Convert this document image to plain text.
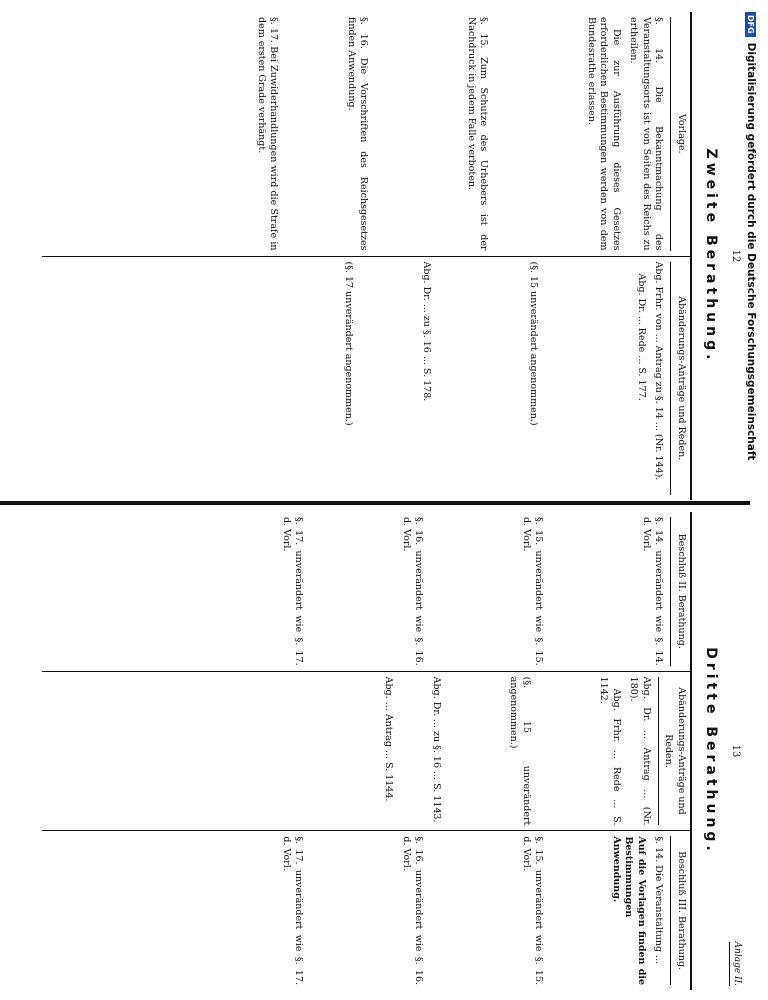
12
Zweite Berathung.
Vorlage.

§. 14. Die Bekanntmachung des Veranstaltungsorts ist von Seiten des Reichs zu ertheilen.

Die zur Ausführung dieses Gesetzes erforderlichen Bestimmungen werden von dem Bundesrathe erlassen.

§. 15. Zum Schutze des Urhebers ist der Nachdruck in jedem Falle verboten.

§. 16. Die Vorschriften des Reichsgesetzes finden Anwendung.

§. 17. Bei Zuwiderhandlungen wird die Strafe in dem ersten Grade verhängt.

Abänderungs-Anträge und Reden.

Abg. Frhr. von ... Antrag zu §. 14 ... (Nr. 144).

Abg. Dr. ... Rede ... S. 177.

(§. 15 unverändert angenommen.)

Abg. Dr. ... zu §. 16 ... S. 178.

(§. 17 unverändert angenommen.)

13
Anlage II.
Dritte Berathung.
Beschluß II. Berathung.

§. 14. unverändert wie §. 14. d. Vorl.

§. 15. unverändert wie §. 15. d. Vorl.

§. 16. unverändert wie §. 16. d. Vorl.

§. 17. unverändert wie §. 17. d. Vorl.

Abänderungs-Anträge und Reden.

Abg. Dr. ... Antrag ... (Nr. 180).

Abg. Frhr. ... Rede ... S. 1142.

(§. 15 unverändert angenommen.)

Abg. Dr. ... zu §. 16 ... S. 1143.

Abg. ... Antrag ... S. 1144.

Beschluß III. Berathung.

§. 14. Die Veranstaltung ...

Auf die Vorlagen finden die Bestimmungen Anwendung.

§. 15. unverändert wie §. 15. d. Vorl.

§. 16. unverändert wie §. 16. d. Vorl.

§. 17. unverändert wie §. 17. d. Vorl.

DFGDigitalisierung gefördert durch die Deutsche Forschungsgemeinschaft
